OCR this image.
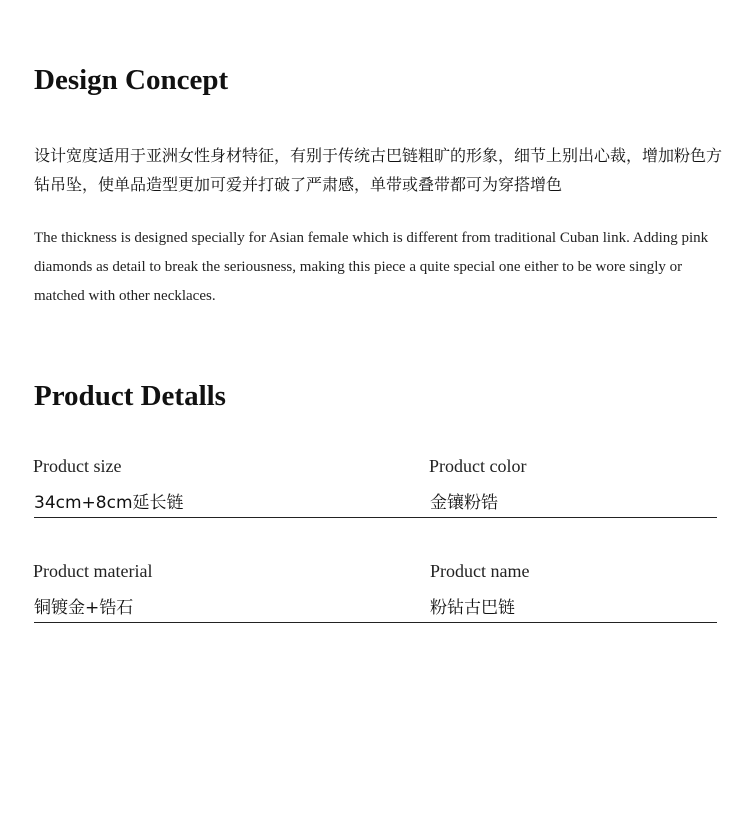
Design Concept

设计宽度适用于亚洲女性身材特征，有别于传统古巴链粗旷的形象，细节上别出心裁，增加粉色方钻吊坠，使单品造型更加可爱并打破了严肃感，单带或叠带都可为穿搭增色

The thickness is designed specially for Asian female which is different from traditional Cuban link. Adding pink diamonds as detail to break the seriousness, making this piece a quite special one either to be wore singly or matched with other necklaces.

Product Detalls
Product size
34cm+8cm延长链
Product color
金镶粉锆
Product material
铜镀金+锆石
Product name
粉钻古巴链
